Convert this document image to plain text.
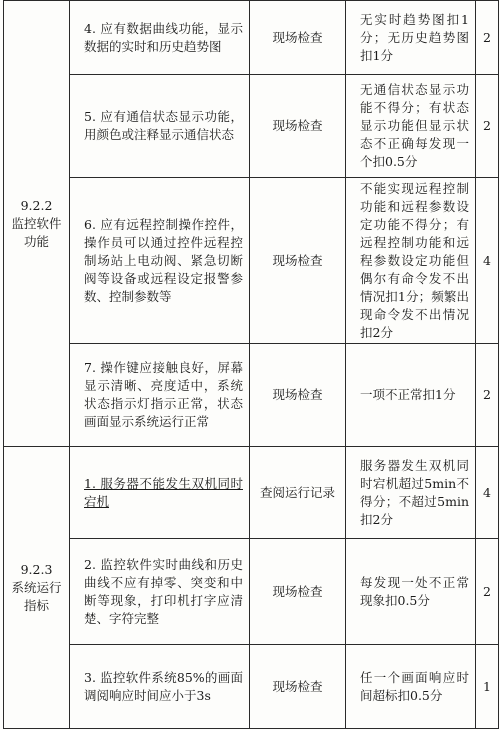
9.2.2
监控软件
功能	4. 应有数据曲线功能，显示数据的实时和历史趋势图	现场检查	无实时趋势图扣1分；无历史趋势图扣1分	2
	5. 应有通信状态显示功能，用颜色或注释显示通信状态	现场检查	无通信状态显示功能不得分；有状态显示功能但显示状态不正确每发现一个扣0.5分	2
	6. 应有远程控制操作控件，操作员可以通过控件远程控制场站上电动阀、紧急切断阀等设备或远程设定报警参数、控制参数等	现场检查	不能实现远程控制功能和远程参数设定功能不得分；有远程控制功能和远程参数设定功能但偶尔有命令发不出情况扣1分；频繁出现命令发不出情况扣2分	4
	7. 操作键应接触良好，屏幕显示清晰、亮度适中，系统状态指示灯指示正常，状态画面显示系统运行正常	现场检查	一项不正常扣1分	2

9.2.3
系统运行
指标	1. 服务器不能发生双机同时宕机	查阅运行记录	服务器发生双机同时宕机超过5min不得分；不超过5min扣2分	4
	2. 监控软件实时曲线和历史曲线不应有掉零、突变和中断等现象，打印机打字应清楚、字符完整	现场检查	每发现一处不正常现象扣0.5分	2
	3. 监控软件系统85%的画面调阅响应时间应小于3s	现场检查	任一个画面响应时间超标扣0.5分	1
